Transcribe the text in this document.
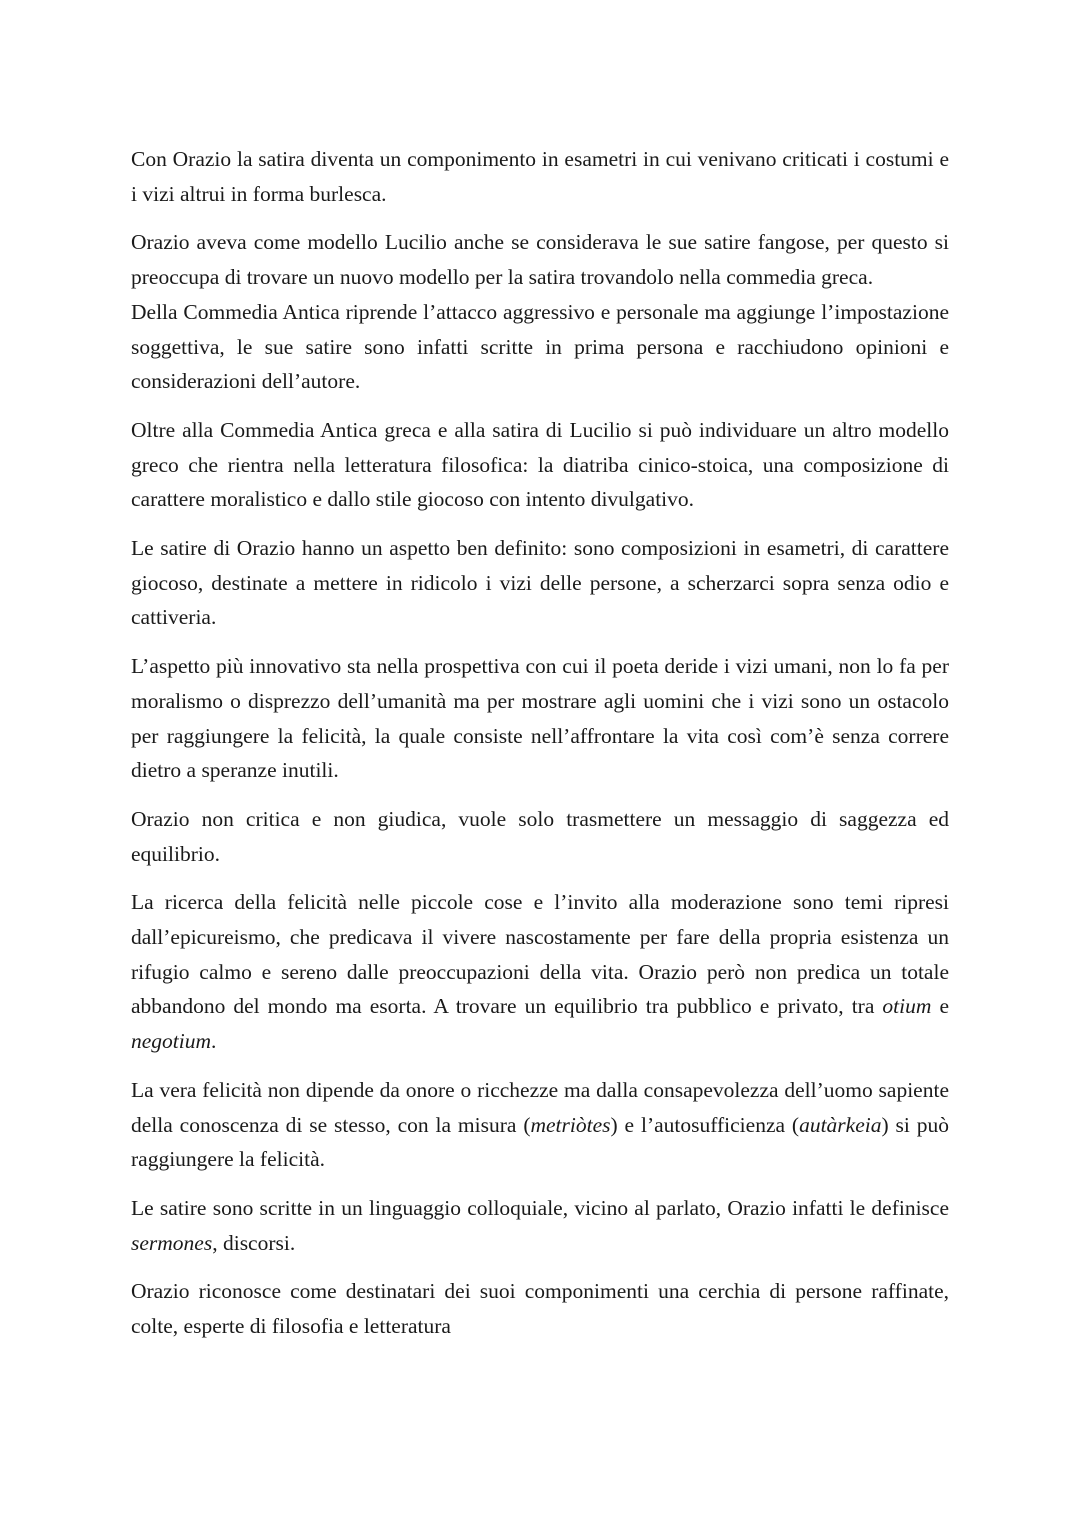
Con Orazio la satira diventa un componimento in esametri in cui venivano criticati i costumi e i vizi altrui in forma burlesca.

Orazio aveva come modello Lucilio anche se considerava le sue satire fangose, per questo si preoccupa di trovare un nuovo modello per la satira trovandolo nella commedia greca.

Della Commedia Antica riprende l’attacco aggressivo e personale ma aggiunge l’impostazione soggettiva, le sue satire sono infatti scritte in prima persona e racchiudono opinioni e considerazioni dell’autore.

Oltre alla Commedia Antica greca e alla satira di Lucilio si può individuare un altro modello greco che rientra nella letteratura filosofica: la diatriba cinico-stoica, una composizione di carattere moralistico e dallo stile giocoso con intento divulgativo.

Le satire di Orazio hanno un aspetto ben definito: sono composizioni in esametri, di carattere giocoso, destinate a mettere in ridicolo i vizi delle persone, a scherzarci sopra senza odio e cattiveria.

L’aspetto più innovativo sta nella prospettiva con cui il poeta deride i vizi umani, non lo fa per moralismo o disprezzo dell’umanità ma per mostrare agli uomini che i vizi sono un ostacolo per raggiungere la felicità, la quale consiste nell’affrontare la vita così com’è senza correre dietro a speranze inutili.

Orazio non critica e non giudica, vuole solo trasmettere un messaggio di saggezza ed equilibrio.

La ricerca della felicità nelle piccole cose e l’invito alla moderazione sono temi ripresi dall’epicureismo, che predicava il vivere nascostamente per fare della propria esistenza un rifugio calmo e sereno dalle preoccupazioni della vita. Orazio però non predica un totale abbandono del mondo ma esorta. A trovare un equilibrio tra pubblico e privato, tra otium e negotium.

La vera felicità non dipende da onore o ricchezze ma dalla consapevolezza dell’uomo sapiente della conoscenza di se stesso, con la misura (metriòtes) e l’autosufficienza (autàrkeia) si può raggiungere la felicità.

Le satire sono scritte in un linguaggio colloquiale, vicino al parlato, Orazio infatti le definisce sermones, discorsi.

Orazio riconosce come destinatari dei suoi componimenti una cerchia di persone raffinate, colte, esperte di filosofia e letteratura
